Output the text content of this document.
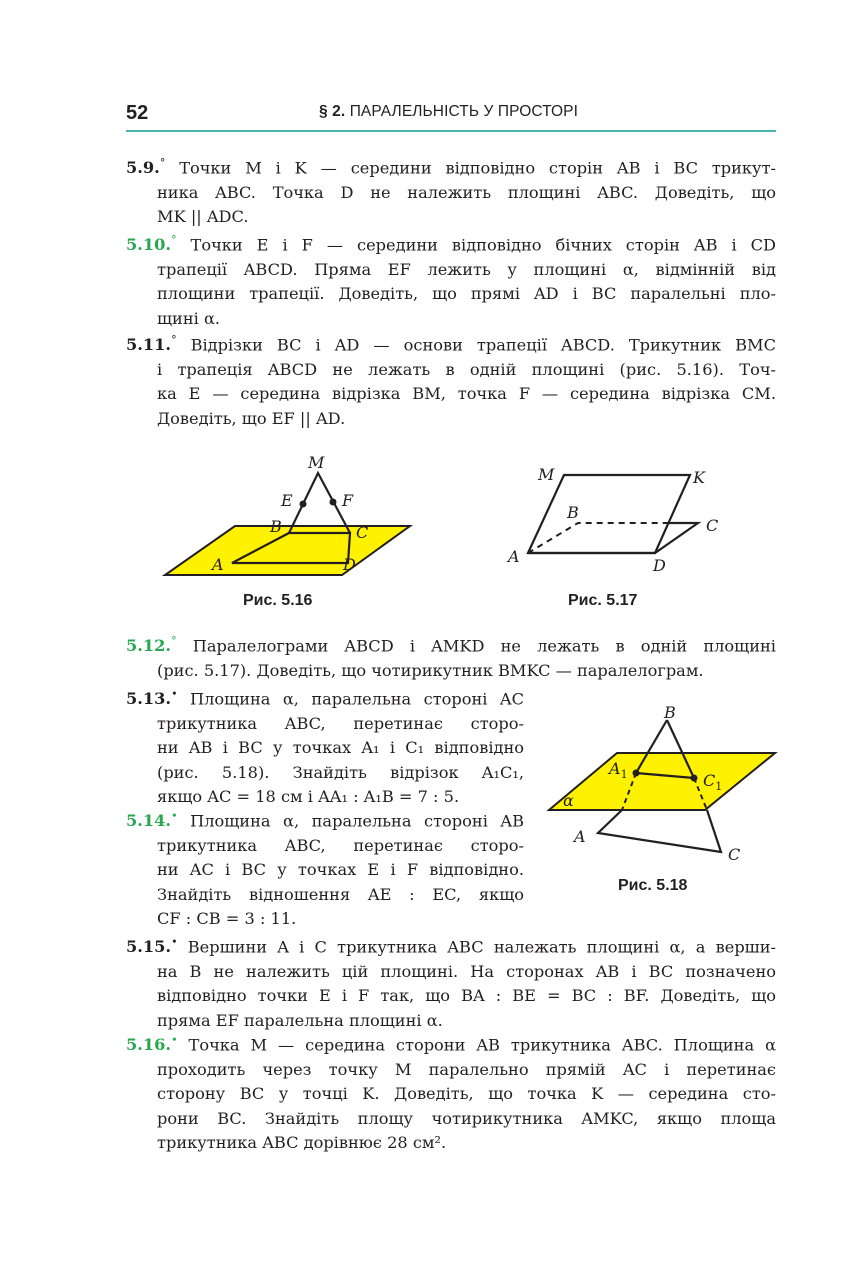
52	§ 2. ПАРАЛЕЛЬНІСТЬ У ПРОСТОРІ
5.9.° Точки M і K — середини відповідно сторін AB і BC трикут-
ника ABC. Точка D не належить площині ABC. Доведіть, що
MK || ADC.
5.10.° Точки E і F — середини відповідно бічних сторін AB і CD
трапеції ABCD. Пряма EF лежить у площині α, відмінній від
площини трапеції. Доведіть, що прямі AD і BC паралельні пло-
щині α.
5.11.° Відрізки BC і AD — основи трапеції ABCD. Трикутник BMC
і трапеція ABCD не лежать в одній площині (рис. 5.16). Точ-
ка E — середина відрізка BM, точка F — середина відрізка CM.
Доведіть, що EF || AD.
M
E	F
B	C
A	D
Рис. 5.16
M	K
B
C
A	D
Рис. 5.17
5.12.° Паралелограми ABCD і AMKD не лежать в одній площині
(рис. 5.17). Доведіть, що чотирикутник BMKC — паралелограм.
5.13.• Площина α, паралельна стороні AC
трикутника ABC, перетинає сторо-
ни AB і BC у точках A₁ і C₁ відповідно
(рис. 5.18). Знайдіть відрізок A₁C₁,
якщо AC = 18 см і AA₁ : A₁B = 7 : 5.
5.14.• Площина α, паралельна стороні AB
трикутника ABC, перетинає сторо-
ни AC і BC у точках E і F відповідно.
Знайдіть відношення AE : EC, якщо
CF : CB = 3 : 11.
B
$A_1$	$C_1$
α
A
C
Рис. 5.18
5.15.• Вершини A і C трикутника ABC належать площині α, а верши-
на B не належить цій площині. На сторонах AB і BC позначено
відповідно точки E і F так, що BA : BE = BC : BF. Доведіть, що
пряма EF паралельна площині α.
5.16.• Точка M — середина сторони AB трикутника ABC. Площина α
проходить через точку M паралельно прямій AC і перетинає
сторону BC у точці K. Доведіть, що точка K — середина сто-
рони BC. Знайдіть площу чотирикутника AMKC, якщо площа
трикутника ABC дорівнює 28 см².
